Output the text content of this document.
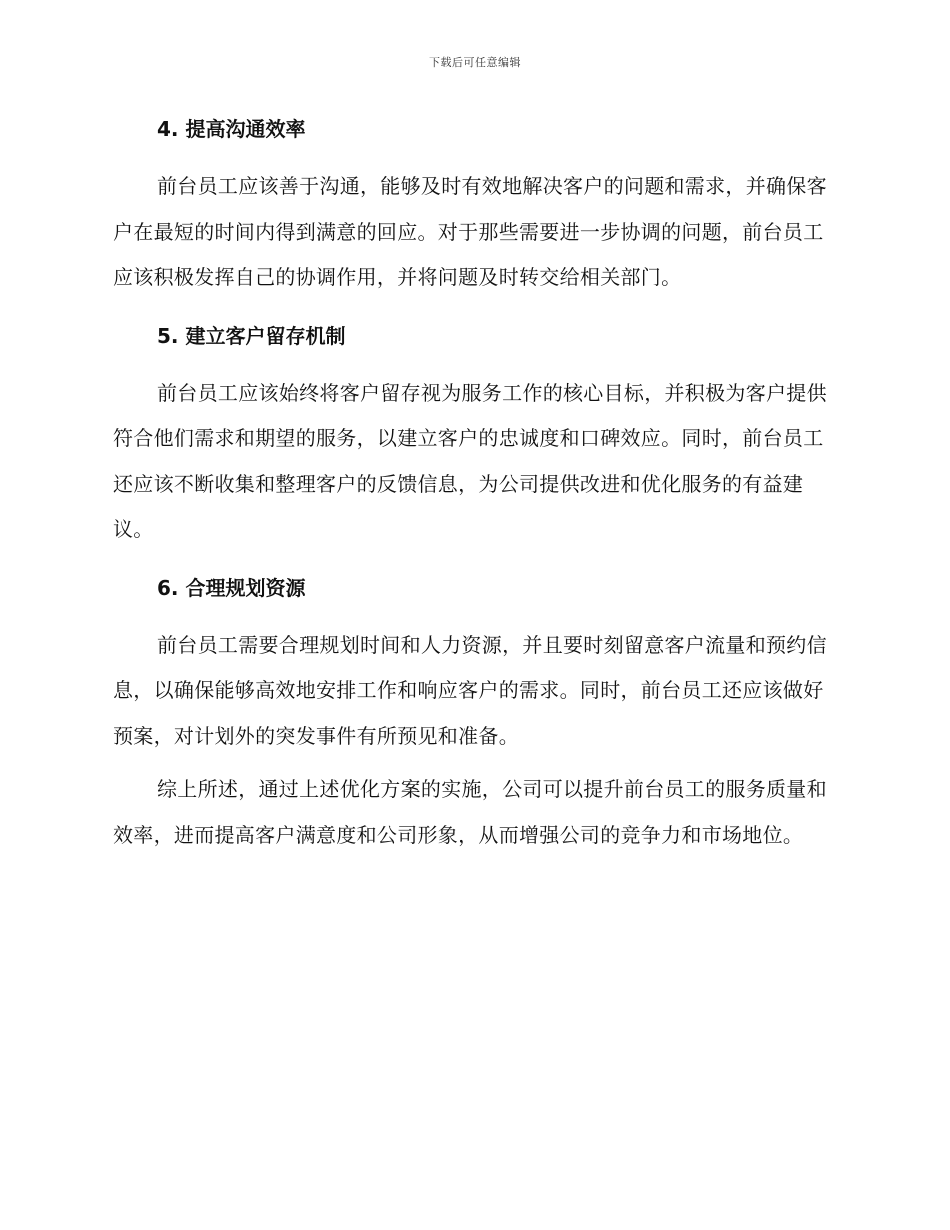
下载后可任意编辑
4. 提高沟通效率

前台员工应该善于沟通，能够及时有效地解决客户的问题和需求，并确保客户在最短的时间内得到满意的回应。对于那些需要进一步协调的问题，前台员工应该积极发挥自己的协调作用，并将问题及时转交给相关部门。

5. 建立客户留存机制

前台员工应该始终将客户留存视为服务工作的核心目标，并积极为客户提供符合他们需求和期望的服务，以建立客户的忠诚度和口碑效应。同时，前台员工还应该不断收集和整理客户的反馈信息，为公司提供改进和优化服务的有益建议。

6. 合理规划资源

前台员工需要合理规划时间和人力资源，并且要时刻留意客户流量和预约信息，以确保能够高效地安排工作和响应客户的需求。同时，前台员工还应该做好预案，对计划外的突发事件有所预见和准备。

综上所述，通过上述优化方案的实施，公司可以提升前台员工的服务质量和效率，进而提高客户满意度和公司形象，从而增强公司的竞争力和市场地位。
